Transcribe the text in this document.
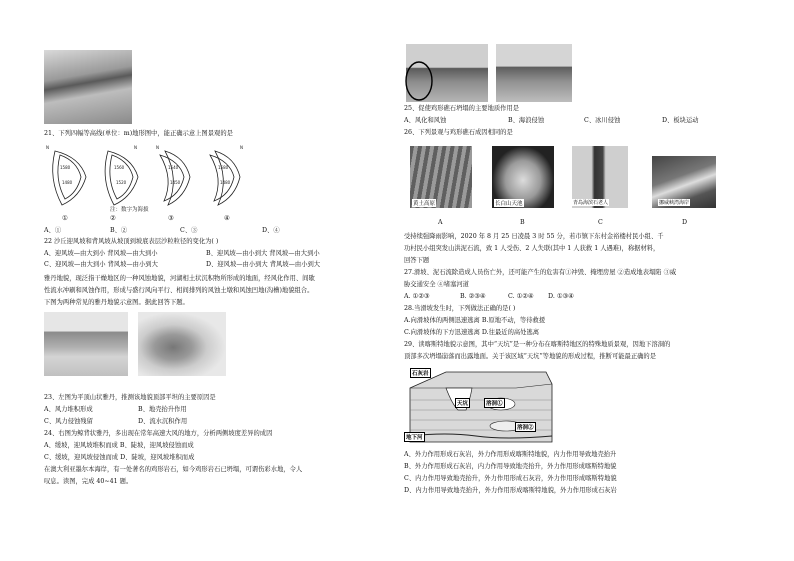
21、下列四幅等高线(单位：m)地形图中，能正确示意上图景观的是
N	N	N	N
1580
1480
1560
1520
1540
1450
1580
1480
注：数字为海拔
①	②	③	④
A、①	B、②	C、③	D、④
22 沙丘迎风坡和背风坡从坡顶到坡底表层沙粒粒径的变化为( )
A、迎风坡—由大到小 背风坡—由大到小	B、迎风坡—由小到大 背风坡—由大到小
C、迎风坡—由大到小 背风坡—由小到大	D、迎风坡—由小到大 背风坡—由小到大
雅丹地貌，现泛指干燥地区的一种风蚀地貌，河湖相土状沉积物所形成的地面，经风化作用、间歇
性流水冲刷和风蚀作用，形成与盛行风向平行、相间排列的风蚀土墩和风蚀凹地(沟槽)地貌组合。
下图为两种常见的雅丹地貌示意图。据此回答下题。
23、左图为平顶山状雅丹，推测该地貌顶部平坦的主要原因是
A、风力堆积形成	B、地壳抬升作用
C、风力侵蚀残留	D、流水沉积作用
24、右图为鲸背状雅丹，多出现在常年高速大风的地方，分析两侧坡度差异的成因
A、缓坡，迎风坡堆积而成 B、陡坡，迎风坡侵蚀而成
C、缓坡，迎风坡侵蚀而成 D、陡坡，迎风坡堆积而成
在澳大利亚墨尔本海岸，有一处著名的鸡形岩石，如今鸡形岩石已坍塌，可谓伤彩水地，令人
叹息。读图，完成 40~41 题。
25、促使鸡形礁石坍塌的主要地质作用是
A、风化和风蚀	B、海浪侵蚀	C、冰川侵蚀	D、板块运动
26、下列景观与鸡形礁石成因相同的是
黄土高原	长白山天池	青岛海滨石老人	挪威峡湾海岸
A	B	C	D
受持续强降雨影响，2020 年 8 月 25 日凌晨 3 时 55 分，若市镇下东村金裕楼村民小组、千
功村民小组突发山洪泥石流，致 1 人受伤、2 人失联(其中 1 人获救 1 人遇难)，称据材料，
回答下题
27.滑坡、泥石流除造成人员伤亡外，还可能产生的危害有①冲毁、掩埋房屋 ②造成地表塌陷 ③威
胁交通安全 ④堵塞河道
A. ①②③	B. ②③④	C. ①②④ D. ①③④
28.当滑坡发生时，下列做法正确的是( )
A.向滑坡体的两侧迅速逃离 B.原地不动，等待救援
C.向滑坡体的下方迅速逃离 D.往最近的高处逃离
29、读喀斯特地貌示意图，其中“天坑”是一种分布在喀斯特地区的特殊地质景观，因地下溶洞的
顶部多次坍塌崩落而出露地面。关于该区域“天坑”等地貌的形成过程，推断可能最正确的是
石灰岩
天坑	溶洞①
溶洞②
地下河
A、外力作用形成石灰岩，外力作用形成喀斯特地貌，内力作用导致地壳抬升
B、外力作用形成石灰岩，内力作用导致地壳抬升，外力作用形成喀斯特地貌
C、内力作用导致地壳抬升，外力作用形成石灰岩，外力作用形成喀斯特地貌
D、内力作用导致地壳抬升，外力作用形成喀斯特地貌，外力作用形成石灰岩
